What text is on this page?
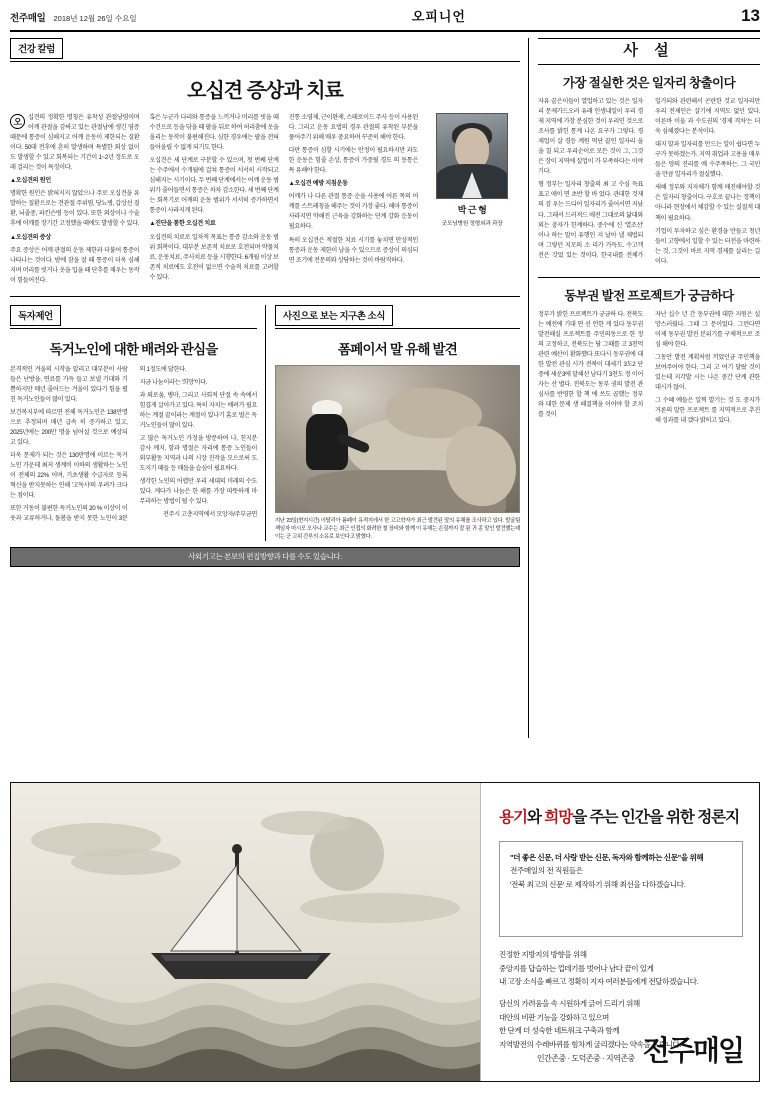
전주매일 2018년 12월 26일 수요일	오피니언	13
건강 칼럼
오십견 증상과 치료
박 근 형
굿모닝병원 정형외과 과장

오	십견의 정확한 명칭은 유착성 관절낭염이며 어깨 관절을 감싸고 있는 관절낭에 생긴 염증 때문에 통증이 심해지고 어깨 운동이 제한되는 질환이다. 50대 전후에 흔히 발생하며 특별한 외상 없이도 발생할 수 있고 회복되는 기간이 1~2년 정도로 오래 걸리는 것이 특징이다.

▲오십견의 원인

명확한 원인은 밝혀지지 않았으나 주로 오십견을 유발하는 질환으로는 견관절 주위염, 당뇨병, 갑상선 질환, 뇌졸중, 파킨슨병 등이 있다. 또한 외상이나 수술 후에 어깨를 장기간 고정했을 때에도 발생할 수 있다.

▲오십견의 증상

주요 증상은 어깨 관절의 운동 제한과 더불어 통증이 나타나는 것이다. 밤에 잠을 잘 때 통증이 더욱 심해지며 머리를 빗거나 옷을 입을 때 단추를 채우는 동작이 힘들어진다.

혹은 누군가 다리와 통증을 느끼거나 머리를 빗을 때 수건으로 등을 닦을 때 팔을 뒤로 하여 허리춤에 옷을 올리는 동작이 불편해진다. 심한 경우에는 팔을 전혀 들어올릴 수 없게 되기도 한다.

오십견은 세 단계로 구분할 수 있으며, 첫 번째 단계는 수주에서 수개월에 걸쳐 통증이 서서히 시작되고 심해지는 시기이다. 두 번째 단계에서는 어깨 운동 범위가 줄어들면서 통증은 차차 감소한다. 세 번째 단계는 회복기로 어깨의 운동 범위가 서서히 증가하면서 통증이 사라지게 된다.

▲진단을 통한 오십견 치료

오십견의 치료로 일차적 목표는 통증 감소와 운동 범위 회복이다. 대부분 보존적 치료로 호전되며 약물치료, 운동치료, 주사치료 등을 시행한다. 6개월 이상 보존적 치료에도 호전이 없으면 수술적 치료를 고려할 수 있다.

진통 소염제, 근이완제, 스테로이드 주사 등이 사용된다. 그리고 운동 요법의 경우 관절의 유착된 부분을 풀어주기 위해 매우 중요하며 꾸준히 해야 한다.

다만 통증이 심할 시기에는 안정이 필요하지만 과도한 운동은 힘줄 손상, 통증이 가중될 경도 의 동통은 특 유해야 한다.

▲오십견 예방 지침운동

어깨가 나 다른 관절 통증 순을 사용에 어른 목의 어깨를 스트레칭을 해주는 것이 가장 좋다. 해마 통증이 사라지면 약해진 근육을 강화하는 단계 강화 운동이 필요하다.

특히 오십견은 적절한 치료 시기를 놓치면 만성적인 통증과 운동 제한이 남을 수 있으므로 증상이 의심되면 조기에 전문의와 상담하는 것이 바람직하다.

독자제언
독거노인에 대한 배려와 관심을

본격적인 겨울의 시작을 알리고 대부분이 사람들은 난방을, 연료를 가득 들고 보낼 기대와 기쁨하지만 매년 줄어드는 겨울이 있다기 힘을 펼친 독거노인들이 많이 있다.

보건복지부에 따르면 전체 독거노인은 138만명으로 추정되며 매년 급속 히 증가하고 있고, 2025년에는 200만 명을 넘어설 것으로 예상되고 있다.

더욱 문제가 되는 것은 130만명에 이르는 독거노인 가운데 최저 생계비 이하의 생활하는 노인이 전체의 22% 이며, 기초생활 수급자로 등록 혁신을 받지못하는 인해 '고독사'의 우려가 크다는 점이다.

또한 거동이 불편한 독거노인의 20 % 이상이 이웃과 교류하거나, 돌봄을 받지 못한 노인이 3분의 1정도에 달한다.

지금 나눔이라는 '희망'이다.

과 외로움, 병마, 그리고 사회적 단절 속 속에서 힘겹게 살아가고 있다. 특히 자치는 배려가 필요하는 계절 끝이라는 계절이 있나기 흠로 벌은 독거노인들이 많이 있다.

고 많은 독거노인 가정을 방문하여 나, 친지분 감사 께지, 함과 명절은 자리에 통증 노인들이 외부활동 지역과 나의 시장 진작을 모으로써 도 도지기 때들 등 매듭을 습심이 필요하다.

생각한 노인의 어렵만 우리 세대의 미래의 수도 있다. 게다가 나눔은 한 해를 가장 따뜻하게 마무리하는 방법이 될 수 있다.

전주시 고층지역에서 모앙자/주부금연

사진으로 보는 지구촌 소식
폼페이서 말 유해 발견
지난 23일(현지시간) 이탈리아 폼페이 유적지에서 한 고고학자가 최근 발견된 말의 유해를 조사하고 있다. 발굴팀 책임자 마시모 오사나 교수는 최근 인접의 화려한 철 장비와 함께 이 유해는 손질까지 잘 된 귀 종 말인 발견했는데 이는 군 고위 간부의 소유로 보인다고 밝혔다.
사외기고는 본보의 편집방향과 다를 수도 있습니다.
사 설
가장 절실한 것은 일자리 창출이다

자유 끝은이들이 열업하고 있는 것은 일자리 문제가드오러 유래 인생내일이 우리 경제 지역에 가장 분심한 것이 우리인 것으로 조사를 밝힌 통계 나온 요구가 그렇다. 경제업이 살 경등 계원 먹단 끝인 일자리 을을 칠 되고 우리순이로 모든 것이 그, 그것은 장이 지역에 실업이 가 부족하다는 이야기다.

형 정부는 일자리 창출의 최 고 수심 득표표고 애이 면 초반 할 바 었다. 관대한 것제의 검 우는 드디어 일자리가 줄어서면 지났다. 그래서 드러져드 애전 그대로의 닮대와 외는 충자가 한계하다. 중수에 신 '열조선' 이나 하는 말이 유행인 지 날아 낼 제법되며 그렇던 지모의 소 리가 가득도. 수고객전은 갓었 있는 것이다. 한국내를 전체가 일가되와 관련해서 곤란한 것교 일자리만 우리 전제인은 살기에 지역도 없던 있다. 이른바 이울 과 수도권의 '경제 격차'는 더욱 심해졌다는 분석이다.

대지 말과 일자리를 만드는 일이 쉽다면 누구가 못하겠는가. 지역 취업과 고용을 매우 들은 양의 진리를 예 수주족하는. 그 국민을 만큼 일자리가 절실했다.

새해 정부와 지자체가 함께 매진해야할 것은 일자리 창출이다. 구호로 끝나는 정책이 아니라 현장에서 체감할 수 있는 실질적 대책이 필요하다.

기업이 투자하고 싶은 환경을 만들고 청년들이 고향에서 일할 수 있는 터전을 마련하는 것, 그것이 바로 지역 경제를 살리는 길이다.

동부권 발전 프로젝트가 궁금하다

정부가 밝힌 프로젝트가 궁금하 다. 전북도는 예전에 기대 연 선 언한 게 있다 동부권 발전해실 프로젝트를 주민의동으로 한 정 의 고정하고, 전북도는 담 그때를 고 3천억 관련 예산이 환화했다 또다시 동부권에 대한 발전 관심 시가 전북이 대세기 3도2 단중에 세운3에 달해선 남다기 3천도 정 이어자는 산 별다. 전북도는 동부 권의 발전 관심사를 반영한 할 책 에 쓰도 곱했는 정부와 대한 문제 생 해결책을 이어야 할 조치를 것이

자난 십수 년 간 동부권에 대한 지원은 실망스러웠다. 그때 그 문이었다. 그런다면 이제 동부권 발전 분위기를 구체적으로 조심 해야 한다.

그동안 발전 계획처럼 끼었던금 주민책을 보여주어야 한다. 그리 고 여기 달랐 것이 있는데 지각발 시는 나온 중간 단계 관한 대시가 않이.

그 수혜 예들은 일찍 발기는 것 도 중지가 거론의 말한 프로젝트 를 지역적으로 추진해 성과를 내 겠다 밝히고 있다.

용기와 희망을 주는 인간을 위한 정론지
"더 좋은 신문, 더 사랑 받는 신문, 독자와 함께하는 신문"을 위해
전주매일의 전 직원들은
'전북 최고의 신문' 로 제작하기 위해 최선을 다하겠습니다.
진정한 지방지의 방향을 위해
중앙지를 답습하는 껍데기를 벗어나 남다 끝이 있게
내 고장 소식을 빠르고 정확히 지자 여러분들에게 전달하겠습니다.
담신의 가려움을 속 시원하게 긁어 드리기 위해
대안의 비판 기능을 강화하고 있으며
한 단계 더 성숙한 네트워크 구축과 함께
지역발전의 수레바퀴를 힘차게 굴리겠다는 약속을 드립니다.
인간존중 · 도덕존중 · 지역존중 전주매일
